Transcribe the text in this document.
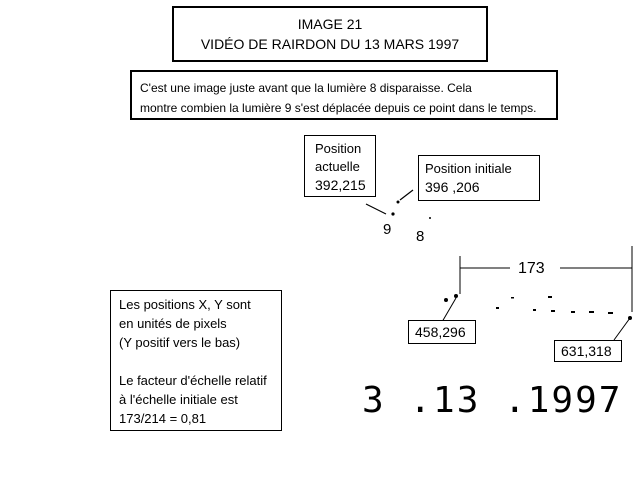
IMAGE 21
VIDÉO DE RAIRDON DU 13 MARS 1997
C'est une image juste avant que la lumière 8 disparaisse. Cela
montre combien la lumière 9 s'est déplacée depuis ce point dans le temps.
Position
actuelle
392,215
Position initiale
396 ,206
9 8
173
458,296
631,318
Les positions X, Y sont
en unités de pixels
(Y positif vers le bas)
Le facteur d'échelle relatif
à l'échelle initiale est
173/214 = 0,81	3 .13 .1997
